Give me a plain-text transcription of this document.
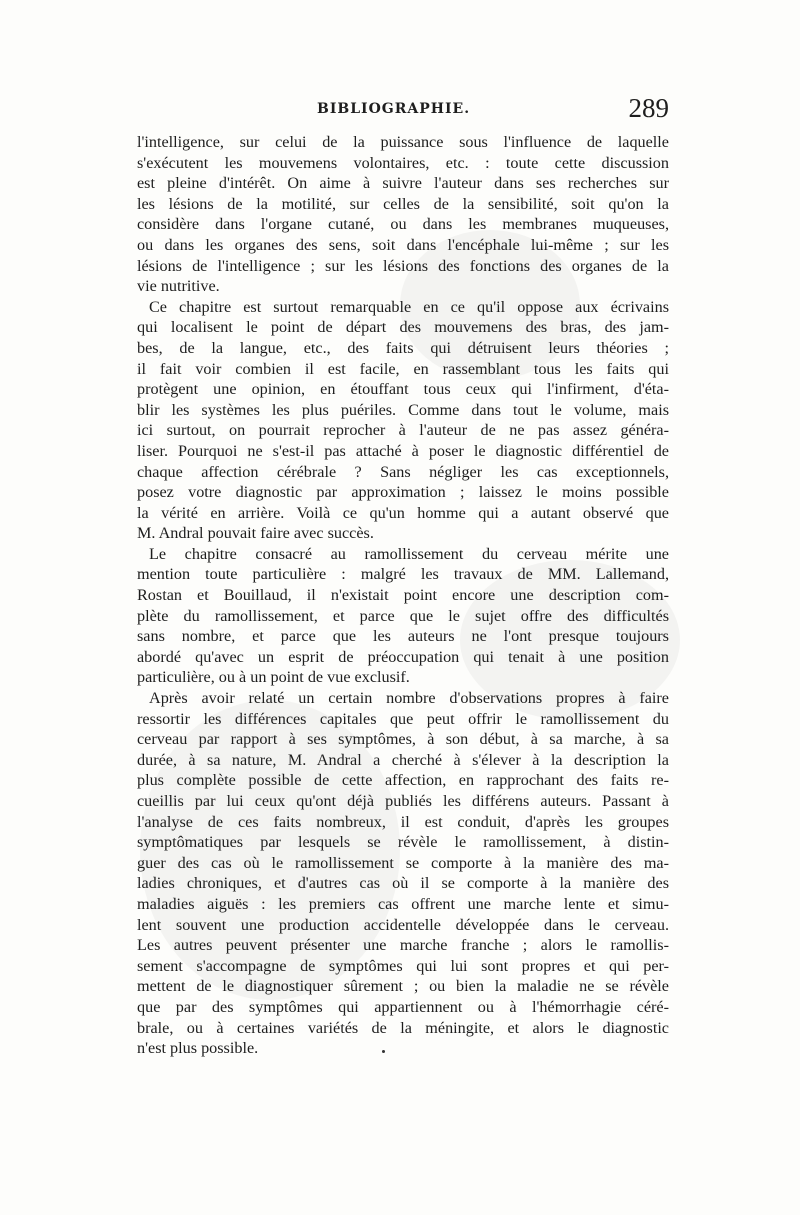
BIBLIOGRAPHIE.	289
l'intelligence, sur celui de la puissance sous l'influence de laquelle
s'exécutent les mouvemens volontaires, etc. : toute cette discussion
est pleine d'intérêt. On aime à suivre l'auteur dans ses recherches sur
les lésions de la motilité, sur celles de la sensibilité, soit qu'on la
considère dans l'organe cutané, ou dans les membranes muqueuses,
ou dans les organes des sens, soit dans l'encéphale lui-même ; sur les
lésions de l'intelligence ; sur les lésions des fonctions des organes de la
vie nutritive.
Ce chapitre est surtout remarquable en ce qu'il oppose aux écrivains
qui localisent le point de départ des mouvemens des bras, des jam-
bes, de la langue, etc., des faits qui détruisent leurs théories ;
il fait voir combien il est facile, en rassemblant tous les faits qui
protègent une opinion, en étouffant tous ceux qui l'infirment, d'éta-
blir les systèmes les plus puériles. Comme dans tout le volume, mais
ici surtout, on pourrait reprocher à l'auteur de ne pas assez généra-
liser. Pourquoi ne s'est-il pas attaché à poser le diagnostic différentiel de
chaque affection cérébrale ? Sans négliger les cas exceptionnels,
posez votre diagnostic par approximation ; laissez le moins possible
la vérité en arrière. Voilà ce qu'un homme qui a autant observé que
M. Andral pouvait faire avec succès.
Le chapitre consacré au ramollissement du cerveau mérite une
mention toute particulière : malgré les travaux de MM. Lallemand,
Rostan et Bouillaud, il n'existait point encore une description com-
plète du ramollissement, et parce que le sujet offre des difficultés
sans nombre, et parce que les auteurs ne l'ont presque toujours
abordé qu'avec un esprit de préoccupation qui tenait à une position
particulière, ou à un point de vue exclusif.
Après avoir relaté un certain nombre d'observations propres à faire
ressortir les différences capitales que peut offrir le ramollissement du
cerveau par rapport à ses symptômes, à son début, à sa marche, à sa
durée, à sa nature, M. Andral a cherché à s'élever à la description la
plus complète possible de cette affection, en rapprochant des faits re-
cueillis par lui ceux qu'ont déjà publiés les différens auteurs. Passant à
l'analyse de ces faits nombreux, il est conduit, d'après les groupes
symptômatiques par lesquels se révèle le ramollissement, à distin-
guer des cas où le ramollissement se comporte à la manière des ma-
ladies chroniques, et d'autres cas où il se comporte à la manière des
maladies aiguës : les premiers cas offrent une marche lente et simu-
lent souvent une production accidentelle développée dans le cerveau.
Les autres peuvent présenter une marche franche ; alors le ramollis-
sement s'accompagne de symptômes qui lui sont propres et qui per-
mettent de le diagnostiquer sûrement ; ou bien la maladie ne se révèle
que par des symptômes qui appartiennent ou à l'hémorrhagie céré-
brale, ou à certaines variétés de la méningite, et alors le diagnostic
n'est plus possible.
